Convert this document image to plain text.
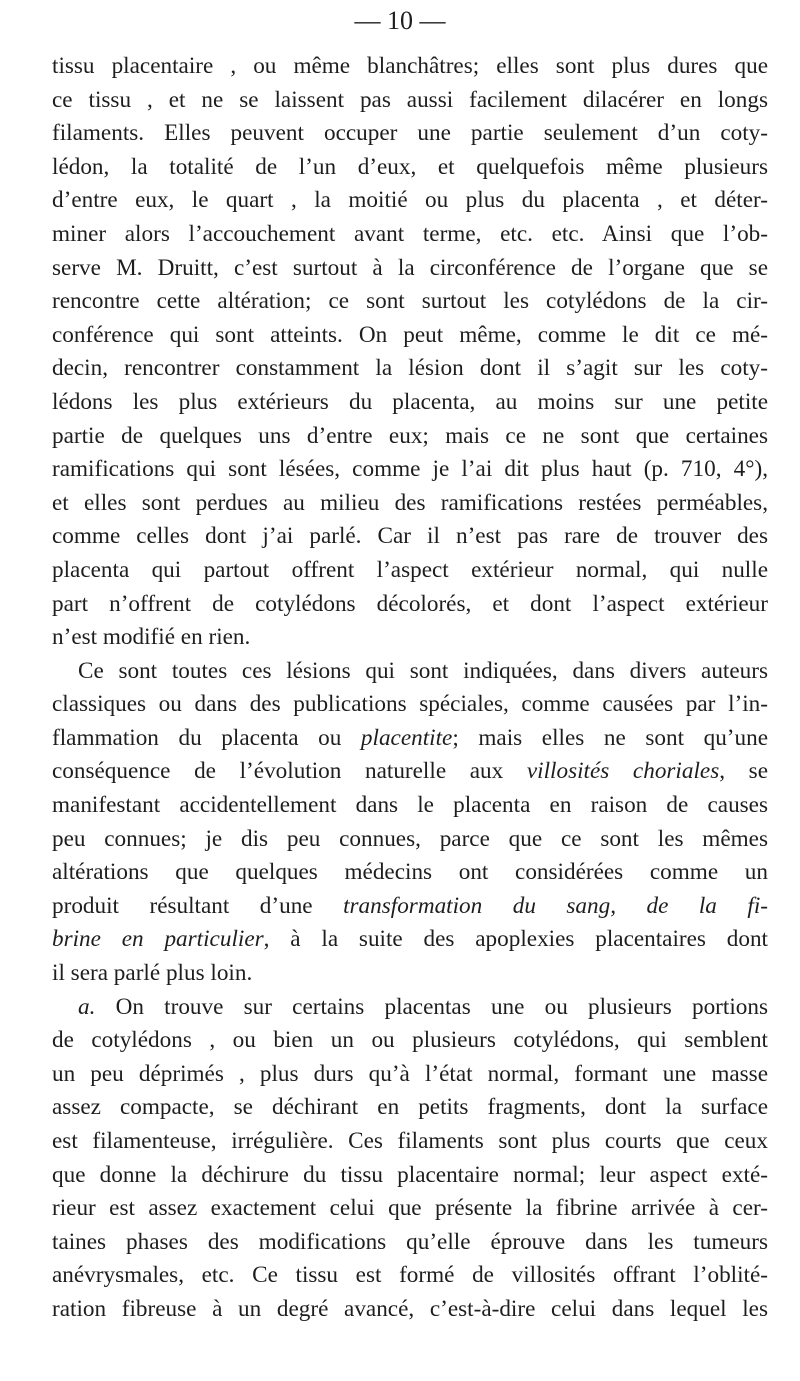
— 10 —
tissu placentaire , ou même blanchâtres; elles sont plus dures que
ce tissu , et ne se laissent pas aussi facilement dilacérer en longs
filaments. Elles peuvent occuper une partie seulement d’un coty-
lédon, la totalité de l’un d’eux, et quelquefois même plusieurs
d’entre eux, le quart , la moitié ou plus du placenta , et déter-
miner alors l’accouchement avant terme, etc. etc. Ainsi que l’ob-
serve M. Druitt, c’est surtout à la circonférence de l’organe que se
rencontre cette altération; ce sont surtout les cotylédons de la cir-
conférence qui sont atteints. On peut même, comme le dit ce mé-
decin, rencontrer constamment la lésion dont il s’agit sur les coty-
lédons les plus extérieurs du placenta, au moins sur une petite
partie de quelques uns d’entre eux; mais ce ne sont que certaines
ramifications qui sont lésées, comme je l’ai dit plus haut (p. 710, 4°),
et elles sont perdues au milieu des ramifications restées perméables,
comme celles dont j’ai parlé. Car il n’est pas rare de trouver des
placenta qui partout offrent l’aspect extérieur normal, qui nulle
part n’offrent de cotylédons décolorés, et dont l’aspect extérieur
n’est modifié en rien.
Ce sont toutes ces lésions qui sont indiquées, dans divers auteurs
classiques ou dans des publications spéciales, comme causées par l’in-
flammation du placenta ou placentite; mais elles ne sont qu’une
conséquence de l’évolution naturelle aux villosités choriales, se
manifestant accidentellement dans le placenta en raison de causes
peu connues; je dis peu connues, parce que ce sont les mêmes
altérations que quelques médecins ont considérées comme un
produit résultant d’une transformation du sang, de la fi-
brine en particulier, à la suite des apoplexies placentaires dont
il sera parlé plus loin.
a. On trouve sur certains placentas une ou plusieurs portions
de cotylédons , ou bien un ou plusieurs cotylédons, qui semblent
un peu déprimés , plus durs qu’à l’état normal, formant une masse
assez compacte, se déchirant en petits fragments, dont la surface
est filamenteuse, irrégulière. Ces filaments sont plus courts que ceux
que donne la déchirure du tissu placentaire normal; leur aspect exté-
rieur est assez exactement celui que présente la fibrine arrivée à cer-
taines phases des modifications qu’elle éprouve dans les tumeurs
anévrysmales, etc. Ce tissu est formé de villosités offrant l’oblité-
ration fibreuse à un degré avancé, c’est-à-dire celui dans lequel les
